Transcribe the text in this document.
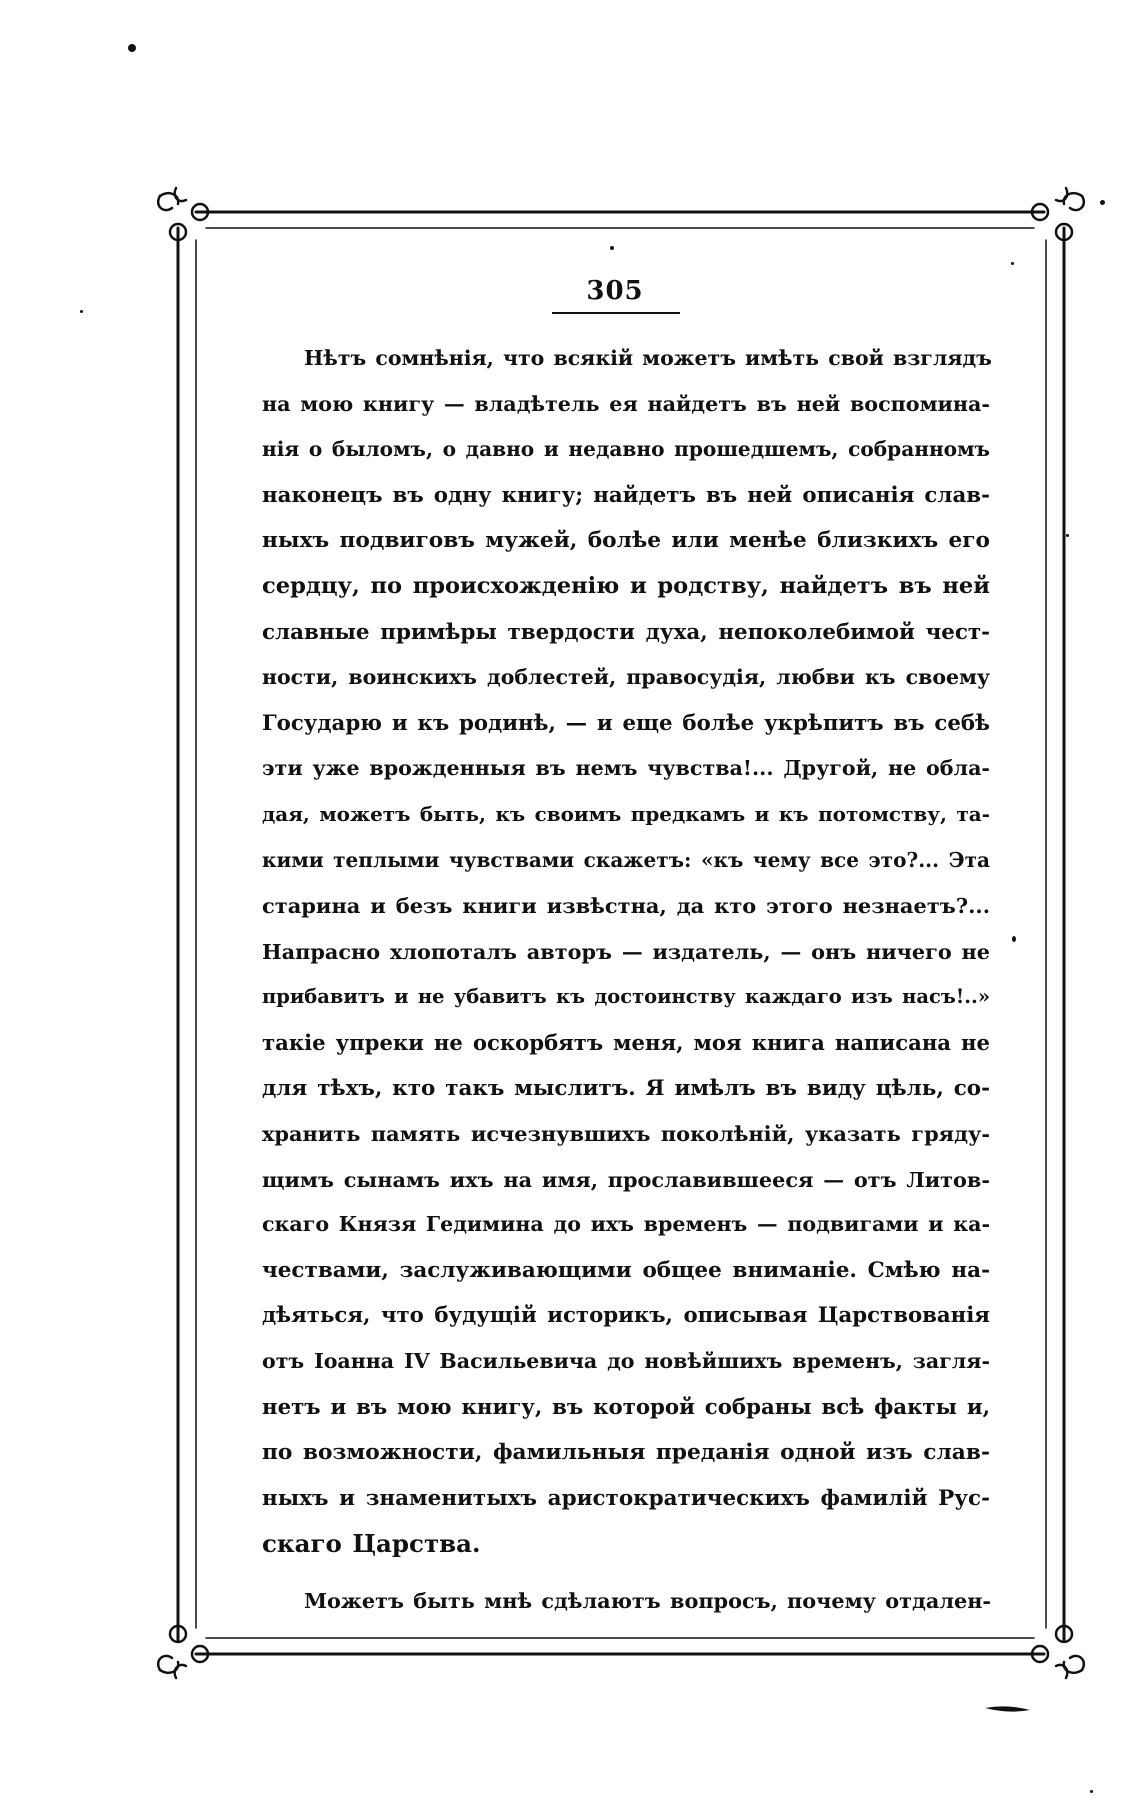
305
Нѣтъ сомнѣнія, что всякій можетъ имѣть свой взглядъ
на мою книгу — владѣтель ея найдетъ въ ней воспомина-
нія о быломъ, о давно и недавно прошедшемъ, собранномъ
наконецъ въ одну книгу; найдетъ въ ней описанія слав-
ныхъ подвиговъ мужей, болѣе или менѣе близкихъ его
сердцу, по происхожденію и родству, найдетъ въ ней
славные примѣры твердости духа, непоколебимой чест-
ности, воинскихъ доблестей, правосудія, любви къ своему
Государю и къ родинѣ, — и еще болѣе укрѣпитъ въ себѣ
эти уже врожденныя въ немъ чувства!... Другой, не обла-
дая, можетъ быть, къ своимъ предкамъ и къ потомству, та-
кими теплыми чувствами скажетъ: «къ чему все это?... Эта
старина и безъ книги извѣстна, да кто этого незнаетъ?...
Напрасно хлопоталъ авторъ — издатель, — онъ ничего не
прибавитъ и не убавитъ къ достоинству каждаго изъ насъ!..»
такіе упреки не оскорбятъ меня, моя книга написана не
для тѣхъ, кто такъ мыслитъ. Я имѣлъ въ виду цѣль, со-
хранить память исчезнувшихъ поколѣній, указать гряду-
щимъ сынамъ ихъ на имя, прославившееся — отъ Литов-
скаго Князя Гедимина до ихъ временъ — подвигами и ка-
чествами, заслуживающими общее вниманіе. Смѣю на-
дѣяться, что будущій историкъ, описывая Царствованія
отъ Іоанна IV Васильевича до новѣйшихъ временъ, загля-
нетъ и въ мою книгу, въ которой собраны всѣ факты и,
по возможности, фамильныя преданія одной изъ слав-
ныхъ и знаменитыхъ аристократическихъ фамилій Рус-
скаго Царства.
Можетъ быть мнѣ сдѣлаютъ вопросъ, почему отдален-
